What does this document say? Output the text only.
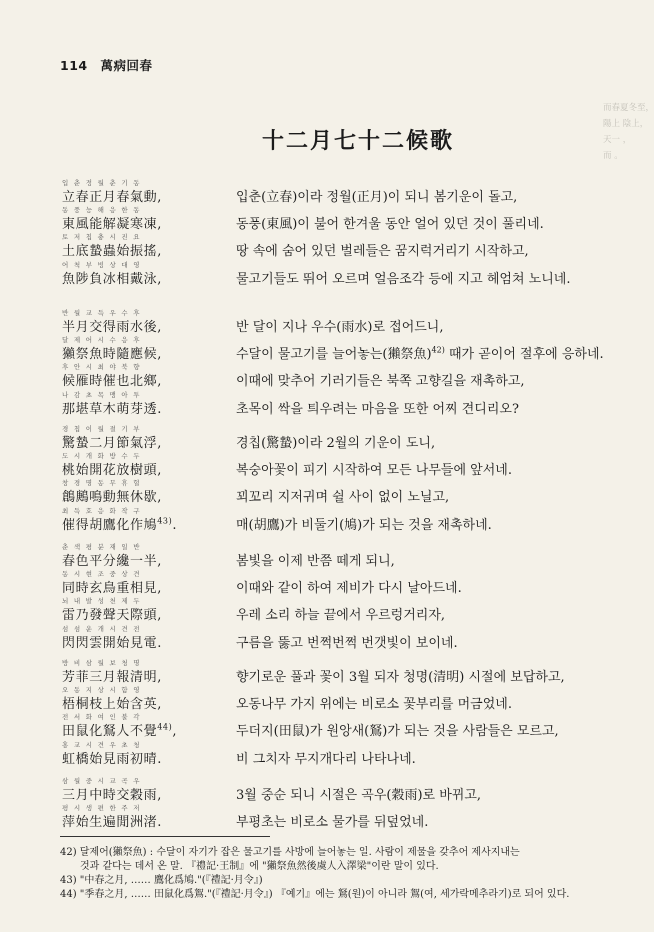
114 萬病回春
而春夏冬至，
陽上 陰上，
天一 ，
而 。
十二月七十二候歌
입춘정월춘기동
立春正月春氣動,	입춘(立春)이라 정월(正月)이 되니 봄기운이 돌고,
동풍능해응한동
東風能解凝寒凍,	동풍(東風)이 불어 한겨울 동안 얼어 있던 것이 풀리네.
토저칩충시진요
土底蟄蟲始振搖,	땅 속에 숨어 있던 벌레들은 꿈지럭거리기 시작하고,
어척부빙상대영
魚陟負冰相戴泳,	물고기들도 뛰어 오르며 얼음조각 등에 지고 헤엄쳐 노니네.
반월교득우수후
半月交得雨水後,	반 달이 지나 우수(雨水)로 접어드니,
달제어시수응후
獺祭魚時隨應候,	수달이 물고기를 늘어놓는(獺祭魚)$^{42)}$ 때가 곧이어 절후에 응하네.
후안시최야북향
候雁時催也北鄉,	이때에 맞추어 기러기들은 북쪽 고향길을 재촉하고,
나감초목맹아투
那堪草木萌芽透.	초목이 싹을 틔우려는 마음을 또한 어찌 견디리오?
경칩이월절기부
驚蟄二月節氣浮,	경칩(驚蟄)이라 2월의 기운이 도니,
도시개화방수두
桃始開花放樹頭,	복숭아꽃이 피기 시작하여 모든 나무들에 앞서네.
창경명동무휴헐
鶬鶊鳴動無休歇,	꾀꼬리 지저귀며 쉴 사이 없이 노닐고,
최득호응화작구
催得胡鷹化作鳩$^{43)}$.	매(胡鷹)가 비둘기(鳩)가 되는 것을 재촉하네.
춘색평분재일반
春色平分纔一半,	봄빛을 이제 반쯤 떼게 되니,
동시현조중상견
同時玄鳥重相見,	이때와 같이 하여 제비가 다시 날아드네.
뇌내발성천제두
雷乃發聲天際頭,	우레 소리 하늘 끝에서 우르렁거리자,
섬섬운개시견전
閃閃雲開始見電.	구름을 뚫고 번쩍번쩍 번갯빛이 보이네.
방비삼월보청명
芳菲三月報清明,	향기로운 풀과 꽃이 3월 되자 청명(清明) 시절에 보답하고,
오동지상시함영
梧桐枝上始含英,	오동나무 가지 위에는 비로소 꽃부리를 머금었네.
전서화여인불각
田鼠化鴑人不覺$^{44)}$,	두더지(田鼠)가 원앙새(鴑)가 되는 것을 사람들은 모르고,
홍교시견우초청
虹橋始見雨初晴.	비 그치자 무지개다리 나타나네.
삼월중시교곡우
三月中時交穀雨,	3월 중순 되니 시절은 곡우(穀雨)로 바뀌고,
평시생편한주저
萍始生遍閒洲渚.	부평초는 비로소 물가를 뒤덮었네.

42) 달제어(獺祭魚) : 수달이 자기가 잡은 물고기를 사방에 늘어놓는 일. 사람이 제물을 갖추어 제사지내는
것과 같다는 데서 온 말. 『禮記·王制』에 "獺祭魚然後虞人入澤梁"이란 말이 있다.

43) "中春之月, …… 鷹化爲鳩."(『禮記·月令』)

44) "季春之月, …… 田鼠化爲鴽."(『禮記·月令』) 『예기』에는 鴑(원)이 아니라 鴽(여, 세가락메추라기)로 되어 있다.
